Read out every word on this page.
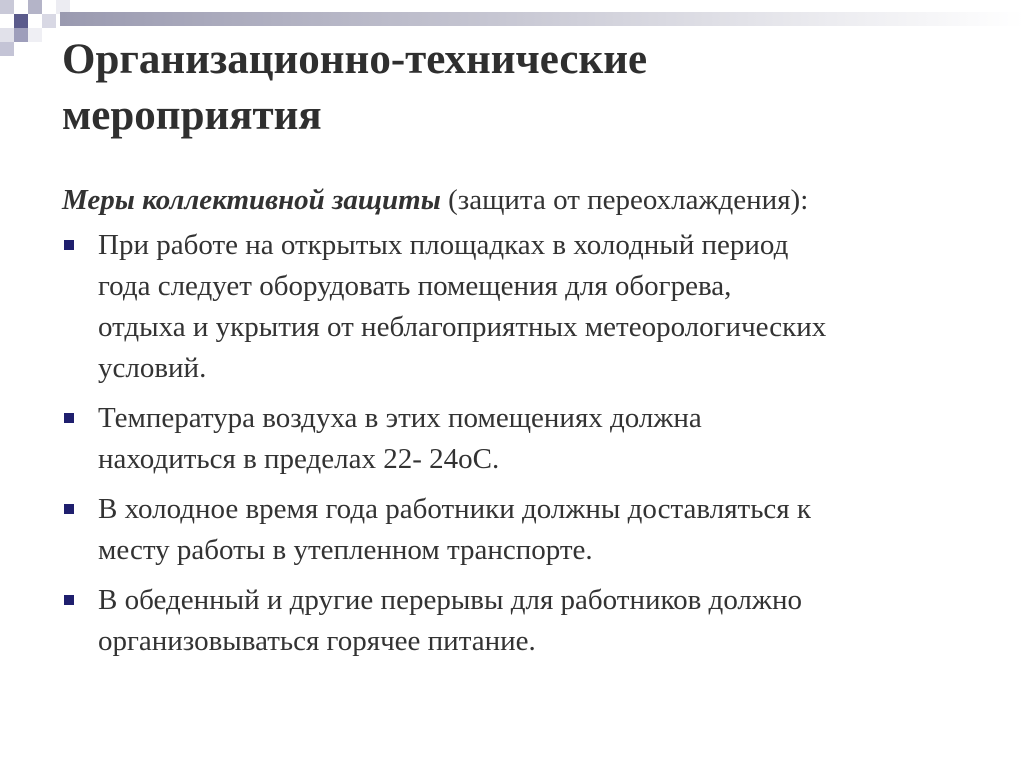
Организационно-технические
мероприятия

Меры коллективной защиты (защита от переохлаждения):

При работе на открытых площадках в холодный период
года следует оборудовать помещения для обогрева,
отдыха и укрытия от неблагоприятных метеорологических
условий.
Температура воздуха в этих помещениях должна
находиться в пределах 22- 24оС.
В холодное время года работники должны доставляться к
месту работы в утепленном транспорте.
В обеденный и другие перерывы для работников должно
организовываться горячее питание.
